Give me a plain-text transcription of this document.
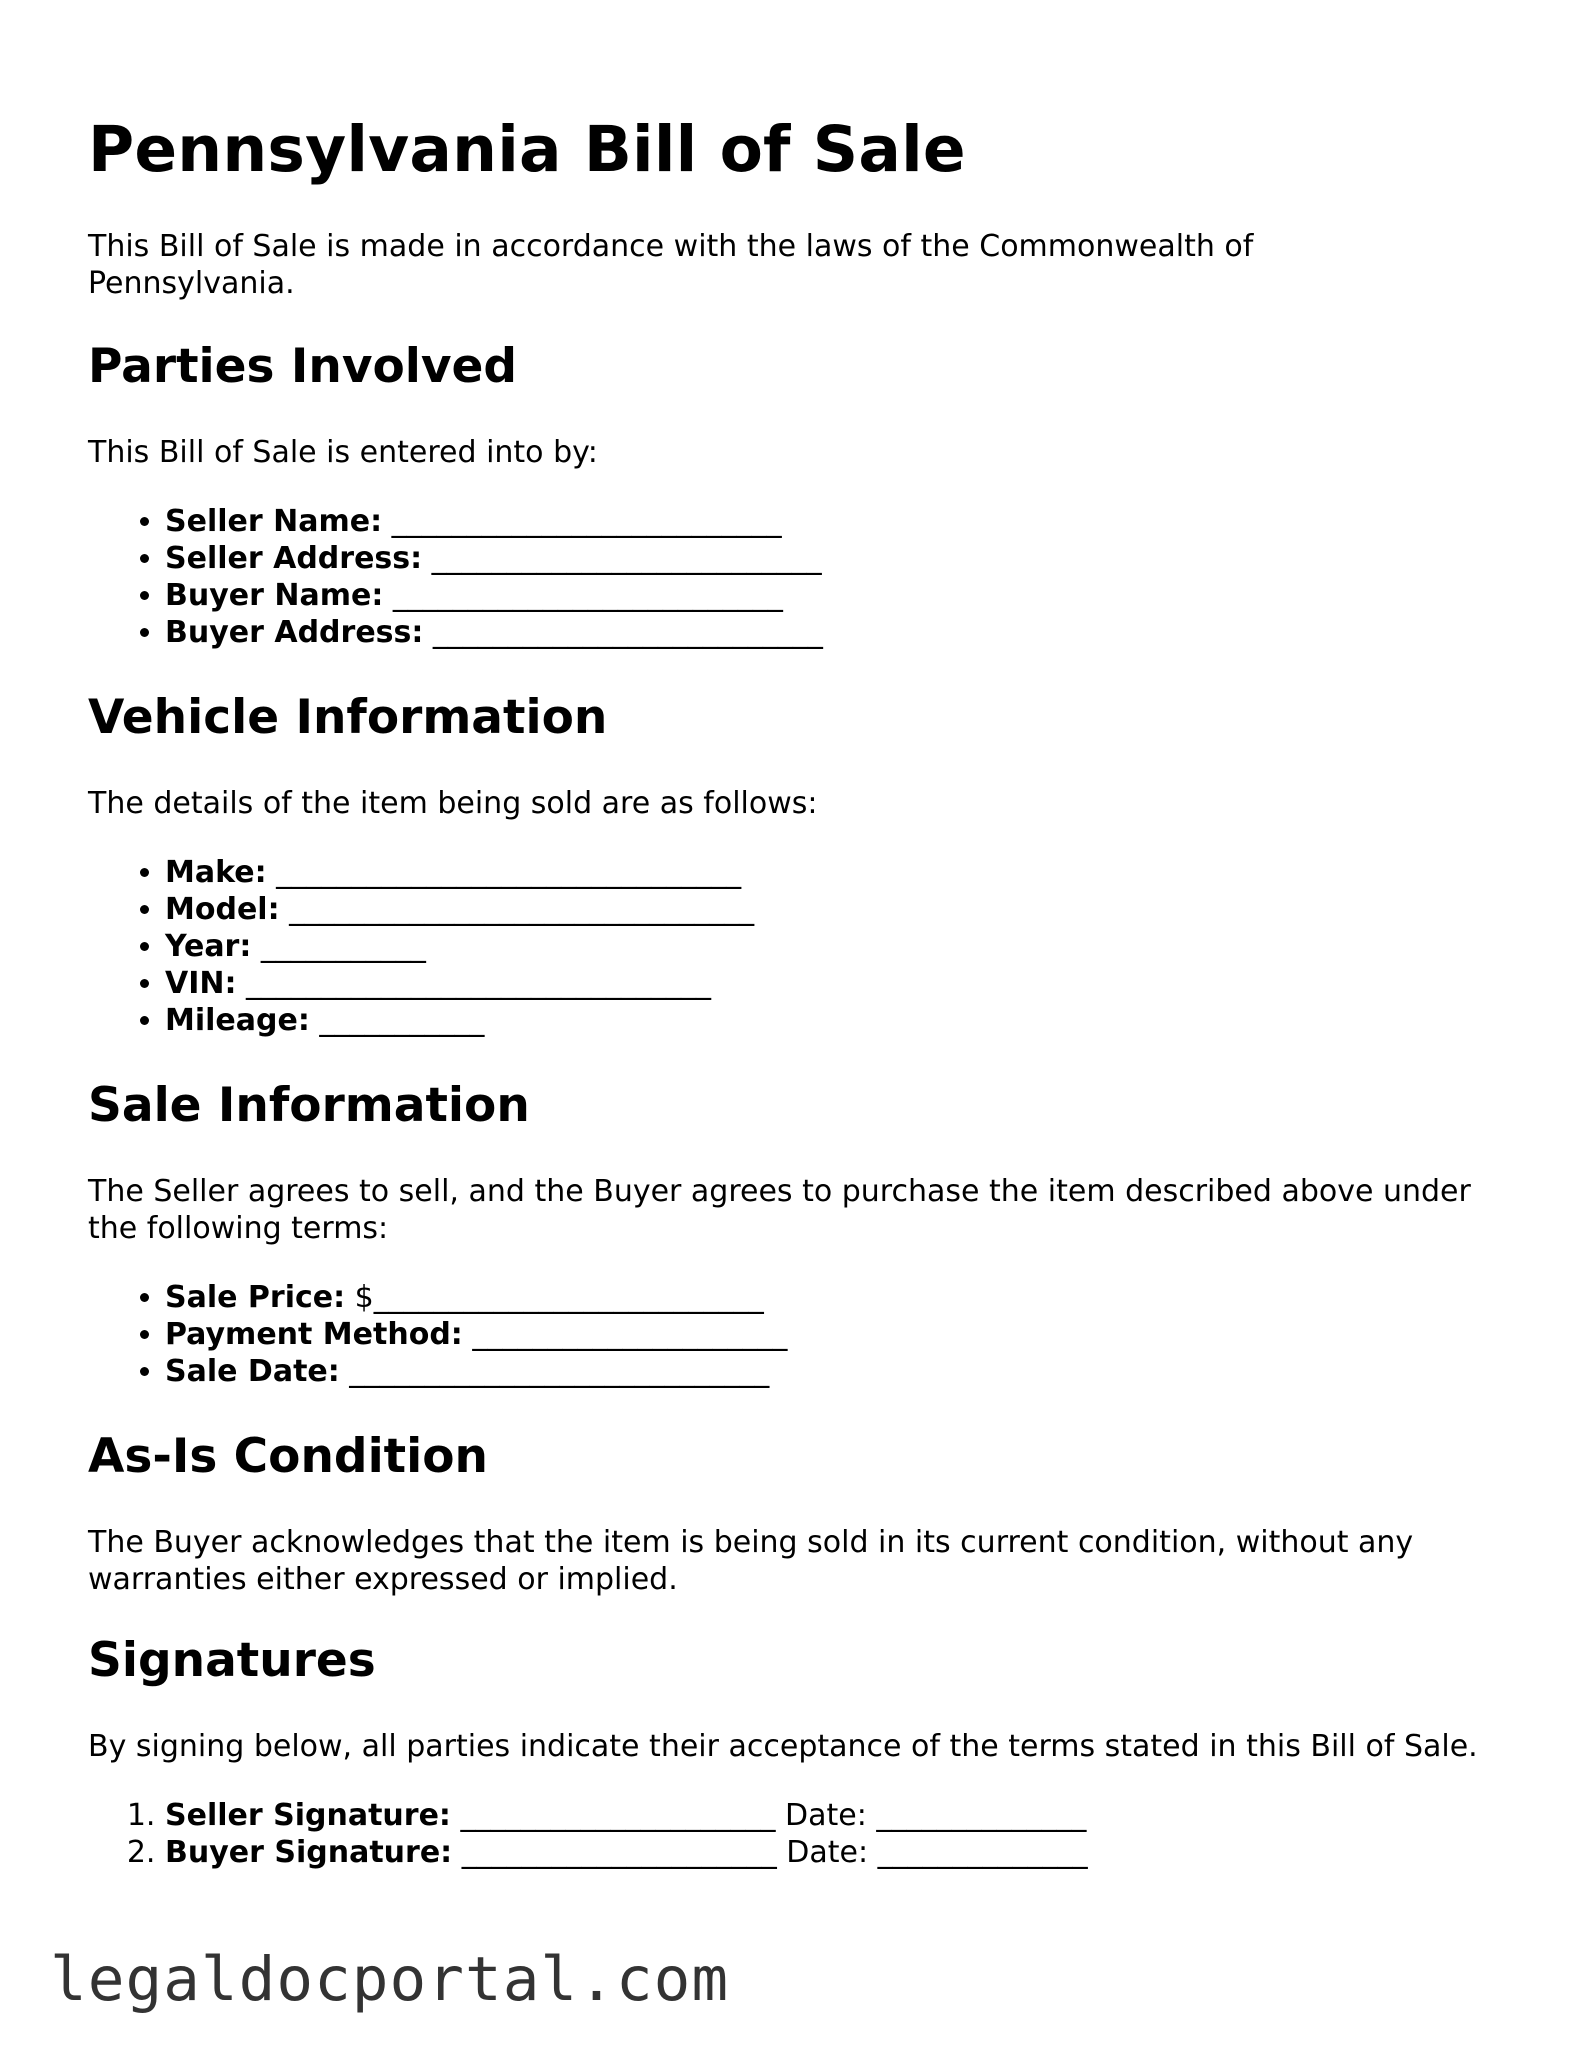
Pennsylvania Bill of Sale

This Bill of Sale is made in accordance with the laws of the Commonwealth of Pennsylvania.

Parties Involved

This Bill of Sale is entered into by:

• Seller Name: __________________________
• Seller Address: __________________________
• Buyer Name: __________________________
• Buyer Address: __________________________
Vehicle Information

The details of the item being sold are as follows:

• Make: _______________________________
• Model: _______________________________
• Year: ___________
• VIN: _______________________________
• Mileage: ___________
Sale Information

The Seller agrees to sell, and the Buyer agrees to purchase the item described above under the following terms:

• Sale Price: $__________________________
• Payment Method: _____________________
• Sale Date: ____________________________
As-Is Condition

The Buyer acknowledges that the item is being sold in its current condition, without any warranties either expressed or implied.

Signatures

By signing below, all parties indicate their acceptance of the terms stated in this Bill of Sale.

1. Seller Signature: _____________________ Date: ______________
2. Buyer Signature: _____________________ Date: ______________
legaldocportal.com
